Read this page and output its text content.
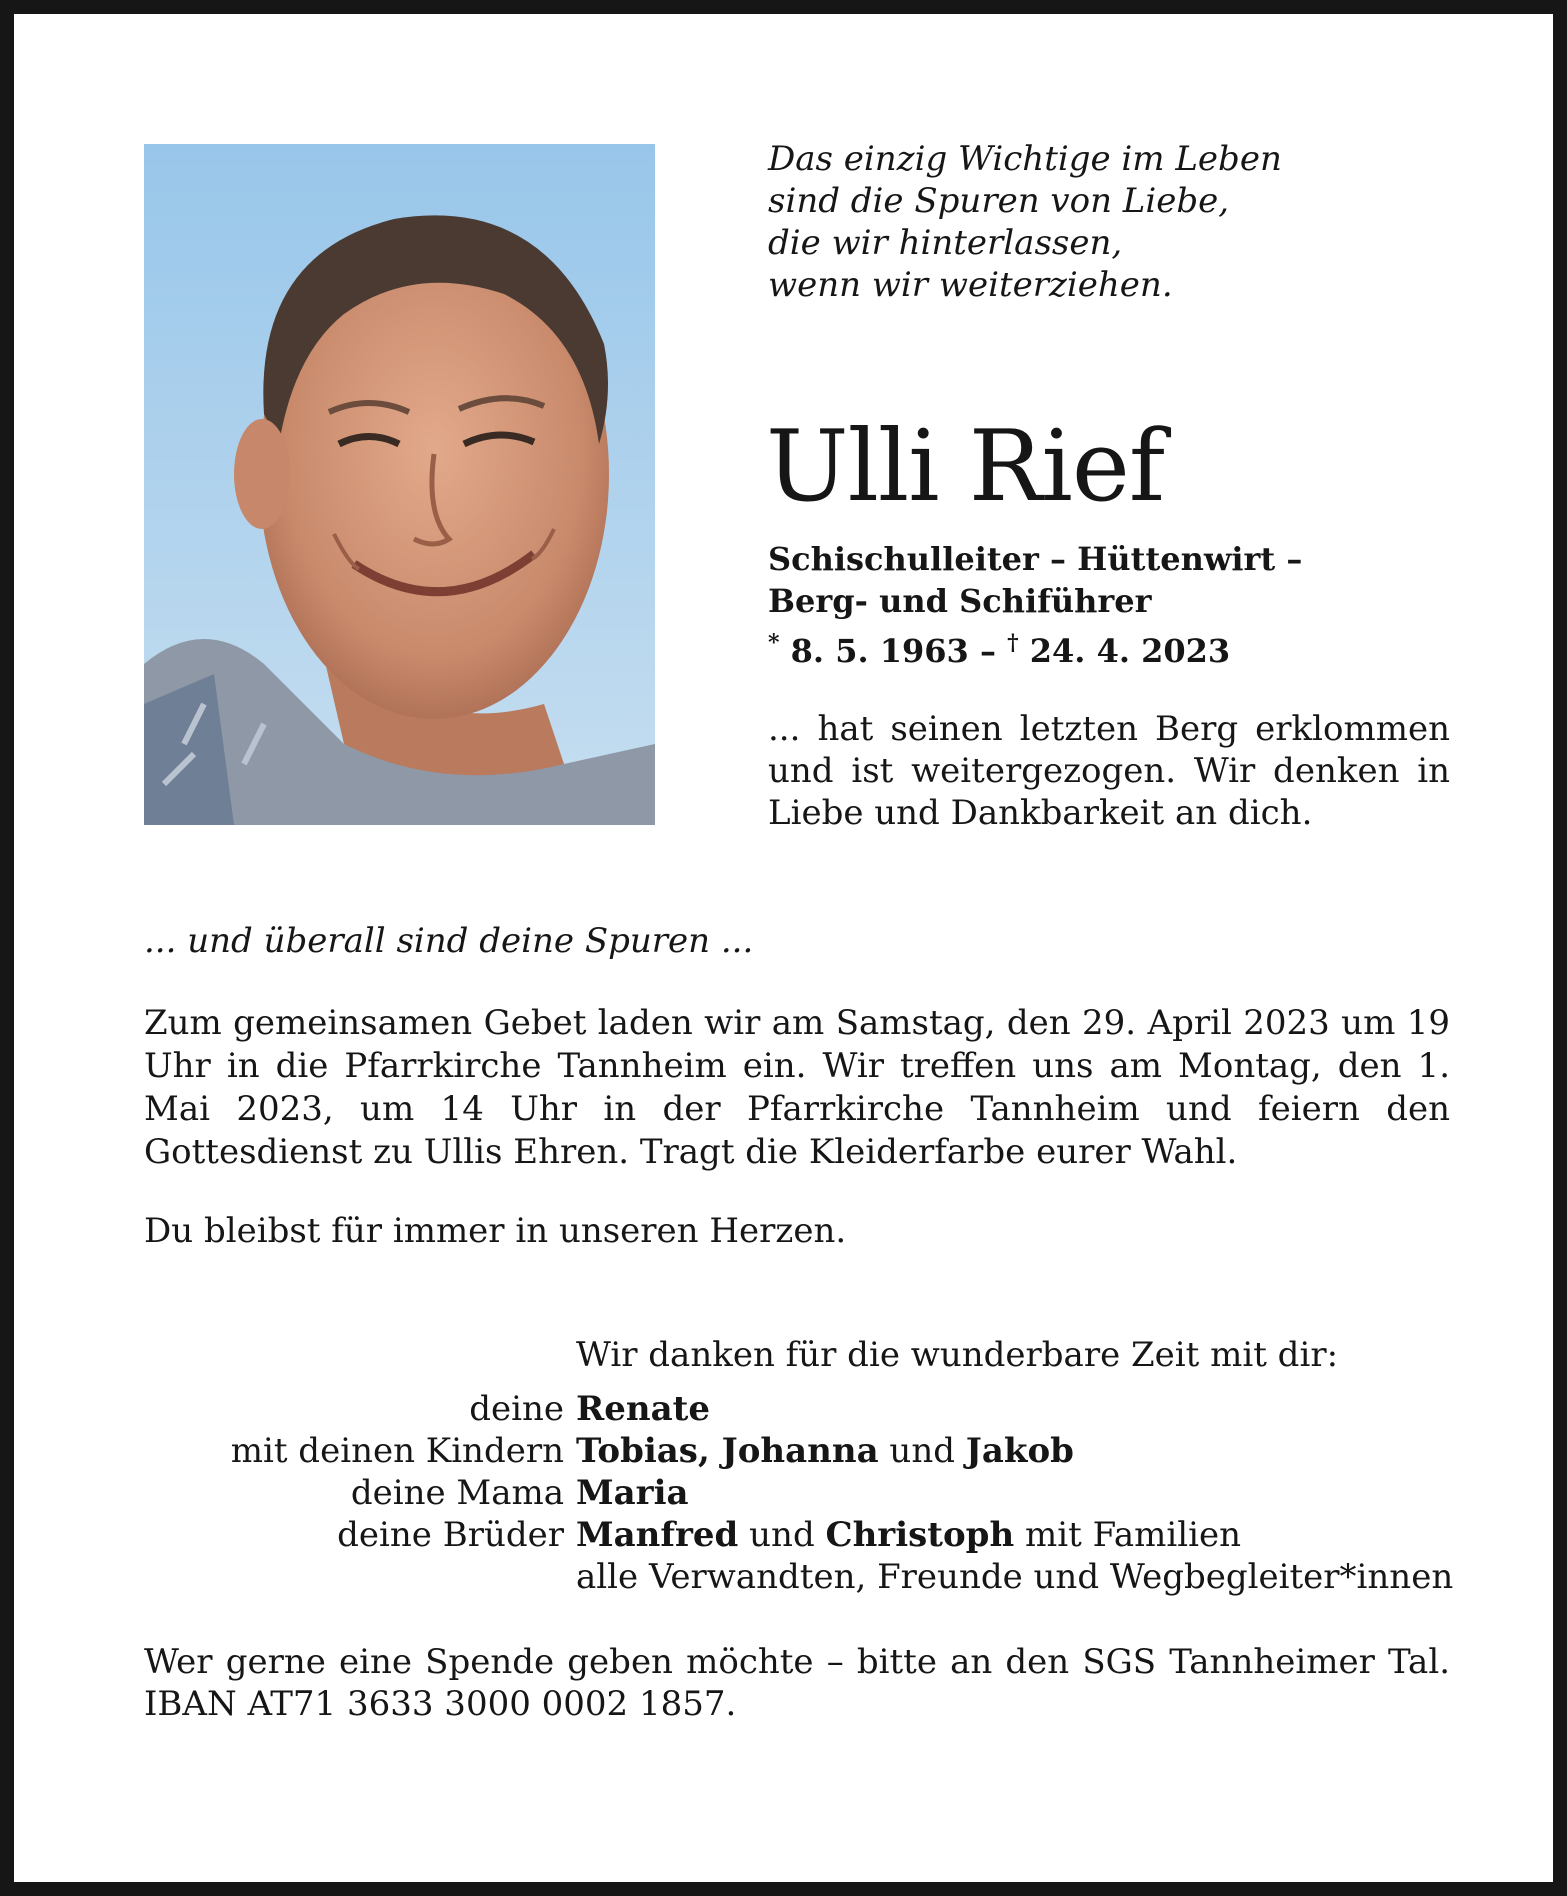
Das einzig Wichtige im Leben
sind die Spuren von Liebe,
die wir hinterlassen,
wenn wir weiterziehen.
Ulli Rief
Schischulleiter – Hüttenwirt –
Berg- und Schiführer
* 8. 5. 1963 – † 24. 4. 2023
... hat seinen letzten Berg erklommen und ist weitergezogen. Wir denken in Liebe und Dankbarkeit an dich.
... und überall sind deine Spuren ...
Zum gemeinsamen Gebet laden wir am Samstag, den 29. April 2023 um 19 Uhr in die Pfarrkirche Tannheim ein. Wir treffen uns am Montag, den 1. Mai 2023, um 14 Uhr in der Pfarrkirche Tannheim und feiern den Gottesdienst zu Ullis Ehren. Tragt die Kleiderfarbe eurer Wahl.
Du bleibst für immer in unseren Herzen.
Wir danken für die wunderbare Zeit mit dir:
deine Renate
mit deinen Kindern Tobias, Johanna und Jakob
deine Mama Maria
deine Brüder Manfred und Christoph mit Familien
alle Verwandten, Freunde und Wegbegleiter*innen
Wer gerne eine Spende geben möchte – bitte an den SGS Tannheimer Tal.
IBAN AT71 3633 3000 0002 1857.
